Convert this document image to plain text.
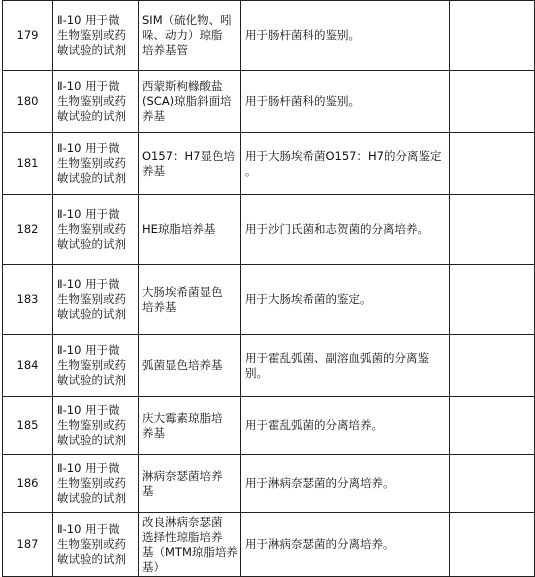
179	Ⅱ-10 用于微
生物鉴别或药
敏试验的试剂	SIM（硫化物、吲
哚、动力）琼脂
培养基管	用于肠杆菌科的鉴别。	

180	Ⅱ-10 用于微
生物鉴别或药
敏试验的试剂	西蒙斯枸橼酸盐
(SCA)琼脂斜面培
养基	用于肠杆菌科的鉴别。	

181	Ⅱ-10 用于微
生物鉴别或药
敏试验的试剂	O157：H7显色培
养基	用于大肠埃希菌O157：H7的分离鉴定
。	

182	Ⅱ-10 用于微
生物鉴别或药
敏试验的试剂	HE琼脂培养基	用于沙门氏菌和志贺菌的分离培养。	

183	Ⅱ-10 用于微
生物鉴别或药
敏试验的试剂	大肠埃希菌显色
培养基	用于大肠埃希菌的鉴定。	

184	Ⅱ-10 用于微
生物鉴别或药
敏试验的试剂	弧菌显色培养基	用于霍乱弧菌、副溶血弧菌的分离鉴
别。	

185	Ⅱ-10 用于微
生物鉴别或药
敏试验的试剂	庆大霉素琼脂培
养基	用于霍乱弧菌的分离培养。	

186	Ⅱ-10 用于微
生物鉴别或药
敏试验的试剂	淋病奈瑟菌培养
基	用于淋病奈瑟菌的分离培养。	

187	Ⅱ-10 用于微
生物鉴别或药
敏试验的试剂	改良淋病奈瑟菌
选择性琼脂培养
基（MTM琼脂培养
基）	用于淋病奈瑟菌的分离培养。	
